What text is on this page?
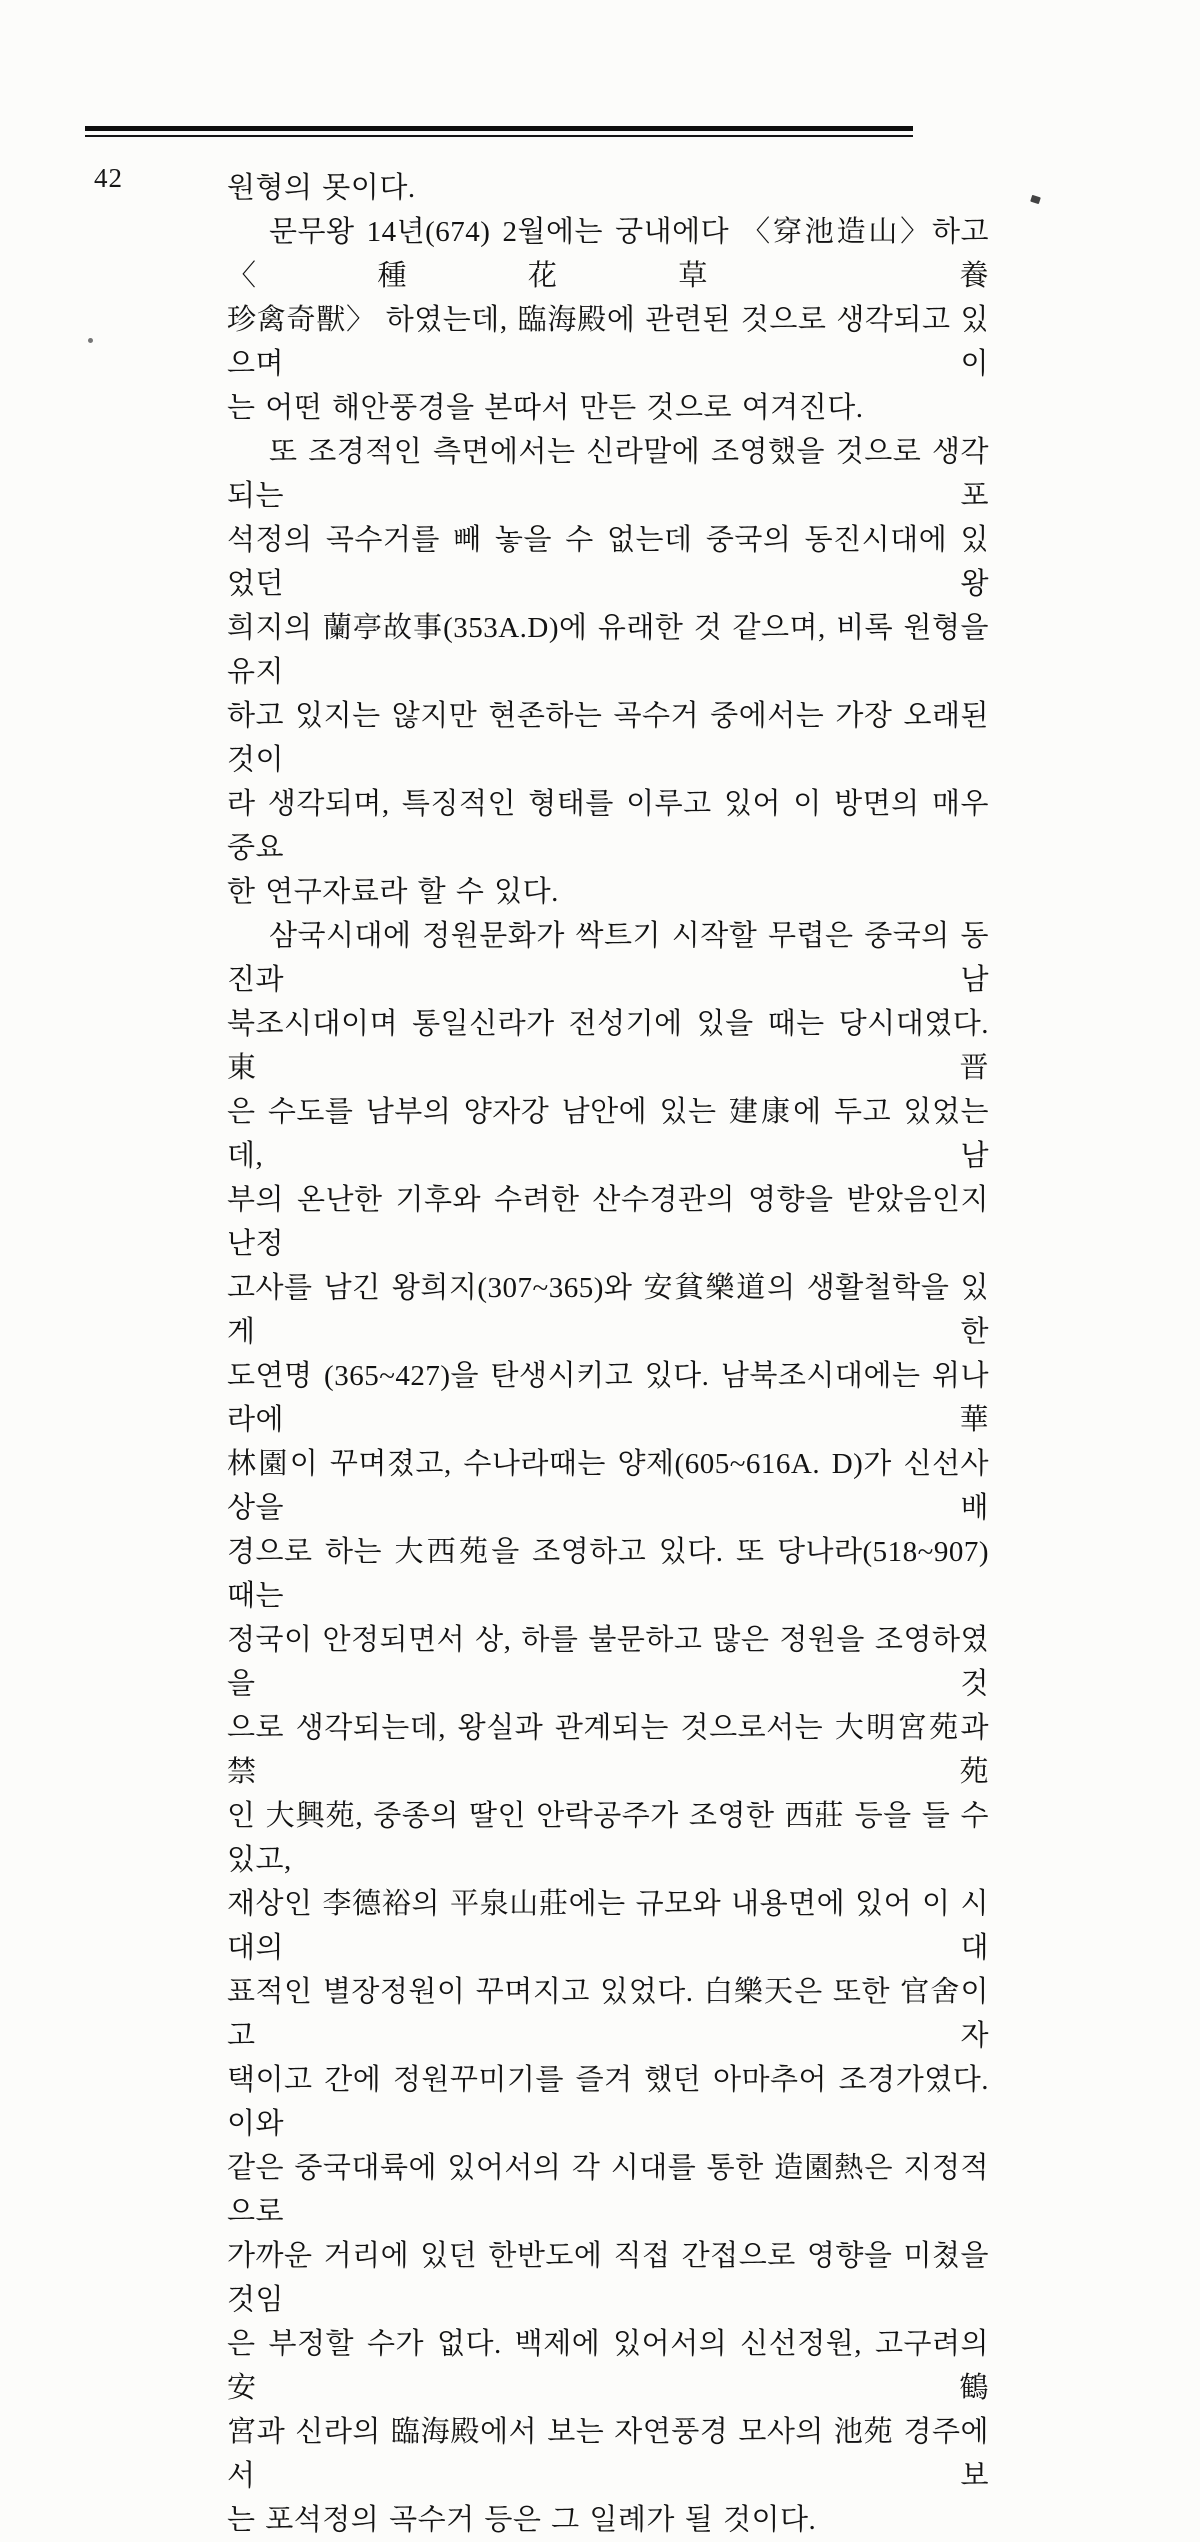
42	원형의 못이다.
문무왕 14년(674) 2월에는 궁내에다 〈穿池造山〉하고 〈種花草 養
珍禽奇獸〉 하였는데, 臨海殿에 관련된 것으로 생각되고 있으며 이
는 어떤 해안풍경을 본따서 만든 것으로 여겨진다.
또 조경적인 측면에서는 신라말에 조영했을 것으로 생각되는 포
석정의 곡수거를 빼 놓을 수 없는데 중국의 동진시대에 있었던 왕
희지의 蘭亭故事(353A.D)에 유래한 것 같으며, 비록 원형을 유지
하고 있지는 않지만 현존하는 곡수거 중에서는 가장 오래된 것이
라 생각되며, 특징적인 형태를 이루고 있어 이 방면의 매우 중요
한 연구자료라 할 수 있다.
삼국시대에 정원문화가 싹트기 시작할 무렵은 중국의 동진과 남
북조시대이며 통일신라가 전성기에 있을 때는 당시대였다. 東晋
은 수도를 남부의 양자강 남안에 있는 建康에 두고 있었는데, 남
부의 온난한 기후와 수려한 산수경관의 영향을 받았음인지 난정
고사를 남긴 왕희지(307~365)와 安貧樂道의 생활철학을 있게 한
도연명 (365~427)을 탄생시키고 있다. 남북조시대에는 위나라에 華
林園이 꾸며졌고, 수나라때는 양제(605~616A. D)가 신선사상을 배
경으로 하는 大西苑을 조영하고 있다. 또 당나라(518~907)때는
정국이 안정되면서 상, 하를 불문하고 많은 정원을 조영하였을 것
으로 생각되는데, 왕실과 관계되는 것으로서는 大明宮苑과 禁苑
인 大興苑, 중종의 딸인 안락공주가 조영한 西莊 등을 들 수 있고,
재상인 李德裕의 平泉山莊에는 규모와 내용면에 있어 이 시대의 대
표적인 별장정원이 꾸며지고 있었다. 白樂天은 또한 官舍이고 자
택이고 간에 정원꾸미기를 즐겨 했던 아마추어 조경가였다. 이와
같은 중국대륙에 있어서의 각 시대를 통한 造園熱은 지정적으로
가까운 거리에 있던 한반도에 직접 간접으로 영향을 미쳤을 것임
은 부정할 수가 없다. 백제에 있어서의 신선정원, 고구려의 安鶴
宮과 신라의 臨海殿에서 보는 자연풍경 모사의 池苑 경주에서 보
는 포석정의 곡수거 등은 그 일례가 될 것이다.
